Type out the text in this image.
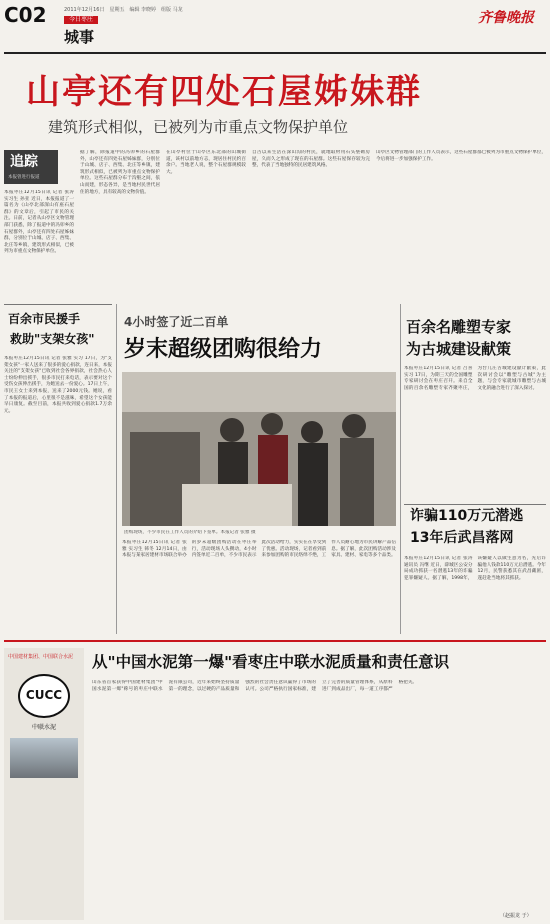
C02	2011年12月16日　星期五　编辑 李晓婷　组版 马龙
今日枣庄
城事
齐鲁晚报
山亭还有四处石屋姊妹群
建筑形式相似，已被列为市重点文物保护单位
追踪
本报曾进行报道
本报枣庄12月15日讯 记者 张涛 实习生 孙亚 近日，本报报道了一篇名为《山亭北部深山有座石屋群》的文章后，引起了市民的关注。日前，记者从山亭区文物管理部门获悉，除了报道中的冯卯乡的石屋群外，山亭还有四处石屋姊妹群，分别位于山城、店子、西集、北庄等乡镇，建筑形式相似，已被列为市重点文物保护单位。
据了解，除报道中的冯卯乡的石屋群外，山亭还有四处石屋姊妹群，分别位于山城、店子、西集、北庄等乡镇，建筑形式相似，已被列为市重点文物保护单位。这些石屋群分布于沟壑之间，依山而建，形态各异，是当地村民世代居住的地方，具有较高的文物价值。
在山亭村位于山亭区东北部的山城街道，该村以前地方志，现居住村民约百余户。当地老人说，整个石屋群规模较大。
自古以来生活在深山沟的村民，就地取材用石头垒砌房屋，久而久之形成了现在的石屋群。这些石屋保存较为完整，代表了当地独特的民居建筑风格。
山亭区文物管理部门的工作人员表示，这些石屋群都已被列为市重点文物保护单位，今后将进一步加强保护工作。
百余市民援手
救助"支架女孩"
本报枣庄12月15日讯 记者 张雅 实习 17日，为"支架女孩"一家人送来了很多的爱心捐款，连日来，本报关注的"支架女孩"已收到社会各界捐款，社会热心人士纷纷伸出援手，很多市民打来电话，表示要对这个受伤女孩伸出援手，为她送去一份爱心。17日上午，市民王女士来到本报，送来了2000元钱。她说，看了本报的报道后，心里很不是滋味，希望这个女孩能早日康复。截至目前，本报共收到爱心捐款1.7万余元。
4小时签了近二百单
岁末超级团购很给力
团购现场，不少市民在工作人员的介绍下签单。本报记者 张雅 摄
本报枣庄12月15日讯 记者 张雅 实习生 韩冬 12月14日，由本报与某家居建材市场联合举办的岁末超级团购活动在枣庄举行，活动现场人头攒动，4小时内签单近二百单，不少市民表示此次活动给力，实实在在享受到了优惠。活动现场，记者看到前来参加团购的市民络绎不绝，工作人员耐心地为市民讲解产品信息。据了解，此次团购活动涉及家具、建材、家电等多个品类。
百余名雕塑专家
为古城建设献策
本报枣庄12月15日讯 记者 吕喜 实习 17日，为期三天的全国雕塑专家研讨会在枣庄召开。来自全国的百余名雕塑专家齐聚枣庄，为台儿庄古城建设献计献策，此次研讨会以"雕塑与古城"为主题，与会专家就城市雕塑与古城文化的融合进行了深入探讨。
诈骗110万元潜逃
13年后武昌落网
本报枣庄12月15日讯 记者 张涛 通讯员 冯继 近日，薛城区公安分局成功抓获一名潜逃13年的诈骗犯罪嫌疑人。据了解，1998年，该嫌疑人以做生意为名，先后诈骗他人钱款110万元后潜逃。今年12月，民警获悉其在武昌藏匿，遂赶赴当地将其抓获。
中国建材集团、中国联合水泥
CUCC
中联水泥
从"中国水泥第一爆"看枣庄中联水泥质量和责任意识
山东省首家获得中国建材集团"中国水泥第一爆"称号的枣庄中联水泥有限公司，近年来始终坚持质量第一的理念，以过硬的产品质量和强烈的社会责任意识赢得了市场的认可。公司严格执行国家标准，建立了完善的质量管理体系，从原料进厂到成品出厂，每一道工序都严格把关。
（赵振龙 于）
